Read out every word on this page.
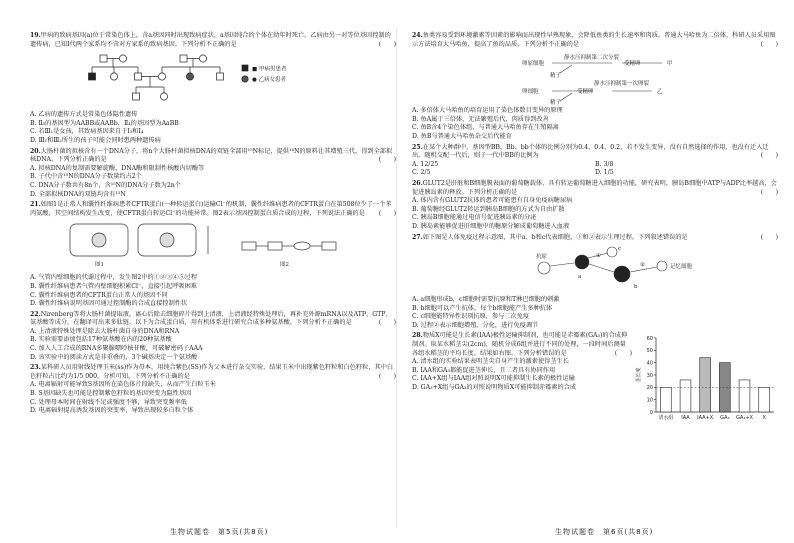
19.甲病的致病基因(a)位于常染色体上，含a基因同时出现致病症状，a基因纯合的个体在幼年时死亡。乙病由另一对等位基因控制的遗传病，已知Ⅰ代两个家系均不含对方家系的致病基因。下列分析不正确的是	(　　)
■ 甲病男患者
● 乙病女患者
A. 乙病的遗传方式是常染色体隐性遗传
B. Ⅱ₃的基因型为AABB或AABb，Ⅱ₄的基因型为AaBB
C. 若Ⅲ₁是女孩，其致病基因来自于Ⅰ₃和Ⅰ₄
D. Ⅲ₁和Ⅲ₂所生的孩子可能会同时患两种遗传病
20.大肠杆菌的拟核含有一个DNA分子，将n个大肠杆菌拟核DNA的双链全部用¹⁵N标记，提供¹⁴N的原料让其增殖三代，得到全部拟核DNA。下列分析正确的是	(　　)
A. 拟核DNA的复制需要解旋酶，DNA酶和限制性核酸内切酶等
B. 子代中含¹⁵N的DNA分子数量约占2个
C. DNA分子数共有8n个，含¹⁵N的DNA分子数为2n个
D. 全部拟核DNA的双链均含有¹⁵N
21.如图1是正常人和囊性纤维病患者CFTR蛋白(一种转运蛋白)运输Cl⁻的机制，囊性纤维病患者的CFTR蛋白在第508位少了一个苯丙氨酸，其空间结构发生改变，使CFTR蛋白转运Cl⁻的功能异常。图2表示基因控制蛋白质合成的过程，下列说法正确的是 (　　)
图1	图2
A. 气管内壁细胞的代谢过程中，发生图2中的①②③④⑤过程
B. 囊性纤维病患者气管内壁细胞积累Cl⁻，直接引起呼吸困难
C. 囊性纤维病患者的CFTR蛋白正常人的基因不同
D. 囊性纤维病说明基因可通过控制酶的合成直接控制性状
22.Nirenberg等将大肠杆菌提取液，离心后除去细胞碎片得到上清液，上清液经特殊处理后，再补充外源mRNA以及ATP、GTP、氨基酸等成分，在翻译可出来多肽链，以下为合成蛋白质，用有机体系进行研究合成多种氨基酸，下列分析不正确的是	(　　)
A. 上清液特殊处理是除去大肠杆菌自身的DNA和RNA
B. 实验需要添加包括17种氨基酸在内的20种氨基酸
C. 加入人工合成的RNA多聚腺嘌呤核苷酸，可破解密码子AAA
D. 该实验中的阅读方式是非重叠的，3个碱基决定一个氨基酸
23.某科研人员用射线处理玉米(ss)作为母本，用纯合紫色(SS)作为父本进行杂交实验，结果玉米中出现紫色籽粒和白色籽粒，其中白色籽粒占比约为1/5 000，分析可知，下列分析不正确的是	(　　)
A. 电离辐射可能导致S基因所在染色体片段缺失，从而产生白粒玉米
B. S基因缺失也可能是控制紫色籽粒的基因突变为隐性基因
C. 处理母本时间在射线不足或强度不够，导致突变频率低
D. 电离辐射提高诱发基因的突变率，导致出现较多白粒个体
24.鱼类容易受到环境激素等因素的影响而出现性早熟现象，会降低鱼类的生长速率和肉质。普通大马哈鱼为二倍体，科研人员采用图示方法培育大马哈鱼，提高了鱼的品质，下列分析不正确的是	(　　)
卵原细胞
静水压抑制第二次分裂
受精卵	甲
精子
卵细胞
静水压抑制第一次卵裂
受精卵	乙
精子
A. 多倍体大马哈鱼的培育运用了染色体数目变异的原理
B. 鱼A属于三倍体，无法繁殖后代，肉质得到改善
C. 鱼B含4个染色体组，与普通大马哈鱼存在生殖隔离
D. 鱼B与普通大马哈鱼杂交后代能育
25.在某个大种群中，基因型BB、Bb、bb个体的比例分别为0.4、0.4、0.2，若不发生变异，没有自然选择的作用，也没有迁入迁出，随机交配一代后，则子一代中BB的比例为	(　　)
A. 12/25	B. 3/8
C. 2/5	D. 1/5
26.GLUT2是肝脏和B细胞膜表面的葡萄糖载体，具有转运葡萄糖进入细胞的功能，研究表明，胰岛B细胞中ATP与ADP比率越高，会促进胰岛素的释放。下列分析正确的是	(　　)
A. 体内含有GLUT2抗体的患者可能患有自身免疫病糖尿病
B. 葡萄糖经GLUT2转运到胰岛B细胞的方式为自由扩散
C. 胰岛B细胞能通过电信号促进胰岛素的分泌
D. 胰岛素能够促进肝细胞中的糖原分解成葡萄糖进入血液
27.如下图是人体免疫过程示意图，其中a、b和c代表细胞，①和②表示生理过程。下列叙述错误的是	(　　)
抗原
a
b
c
①
②	记忆细胞
A. a细胞形成b，c细胞时需要抗原和T淋巴细胞的刺激
B. b细胞可以产生抗体，每个b细胞能产生多种抗体
C. c细胞能特异性识别抗原，参与二次免疫
D. 过程②表示细胞增殖、分化，进行免疫调节
28.物质X可能是生长素(IAA)极性运输抑制剂，也可能是赤霉素(GA₃)的合成抑制剂。取某水稻茎尖(2cm)，随机分成6组并进行不同的处理，一段时间后测量各组水稻茎的平均长度，结果如右图。下列分析错误的是	(　　)
A. 清水组的实验结果表明茎尖自身产生的激素使得茎生长
B. IAA和GA₃都能促进茎伸长，且二者具有协同作用
C. IAA+X组与IAA组对照说明X可能抑制生长素的极性运输
D. GA₃+X组与GA₃的对照说明物质X可能抑制赤霉素的合成
0
10
20
30
40
50
60
茎长度
清水组 IAA IAA+X GA₃ GA₃+X X
生物试题卷　第5页(共8页)	生物试题卷　第6页(共8页)
